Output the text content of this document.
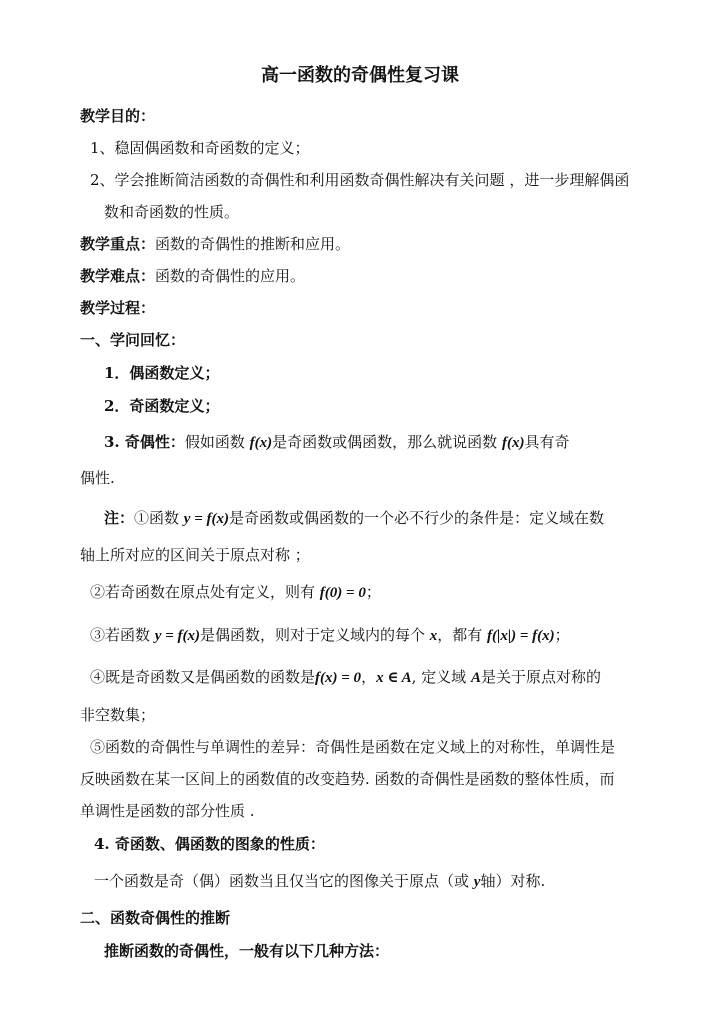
高一函数的奇偶性复习课
教学目的：
1、稳固偶函数和奇函数的定义；
2、学会推断简洁函数的奇偶性和利用函数奇偶性解决有关问题 ，进一步理解偶函
数和奇函数的性质。
教学重点：函数的奇偶性的推断和应用。
教学难点：函数的奇偶性的应用。
教学过程：
一、学问回忆：
1．偶函数定义；
2．奇函数定义；
3. 奇偶性：假如函数 f(x)是奇函数或偶函数，那么就说函数 f(x)具有奇
偶性.
注：①函数 y = f(x)是奇函数或偶函数的一个必不行少的条件是：定义域在数
轴上所对应的区间关于原点对称 ；
②若奇函数在原点处有定义，则有 f(0) = 0；
③若函数 y = f(x)是偶函数，则对于定义域内的每个 x，都有 f(|x|) = f(x)；
④既是奇函数又是偶函数的函数是f(x) = 0，x ∈ A, 定义域 A是关于原点对称的
非空数集；
⑤函数的奇偶性与单调性的差异：奇偶性是函数在定义域上的对称性，单调性是
反映函数在某一区间上的函数值的改变趋势. 函数的奇偶性是函数的整体性质，而
单调性是函数的部分性质 .
4. 奇函数、偶函数的图象的性质：
一个函数是奇（偶）函数当且仅当它的图像关于原点（或 y轴）对称.
二、函数奇偶性的推断
推断函数的奇偶性，一般有以下几种方法：
